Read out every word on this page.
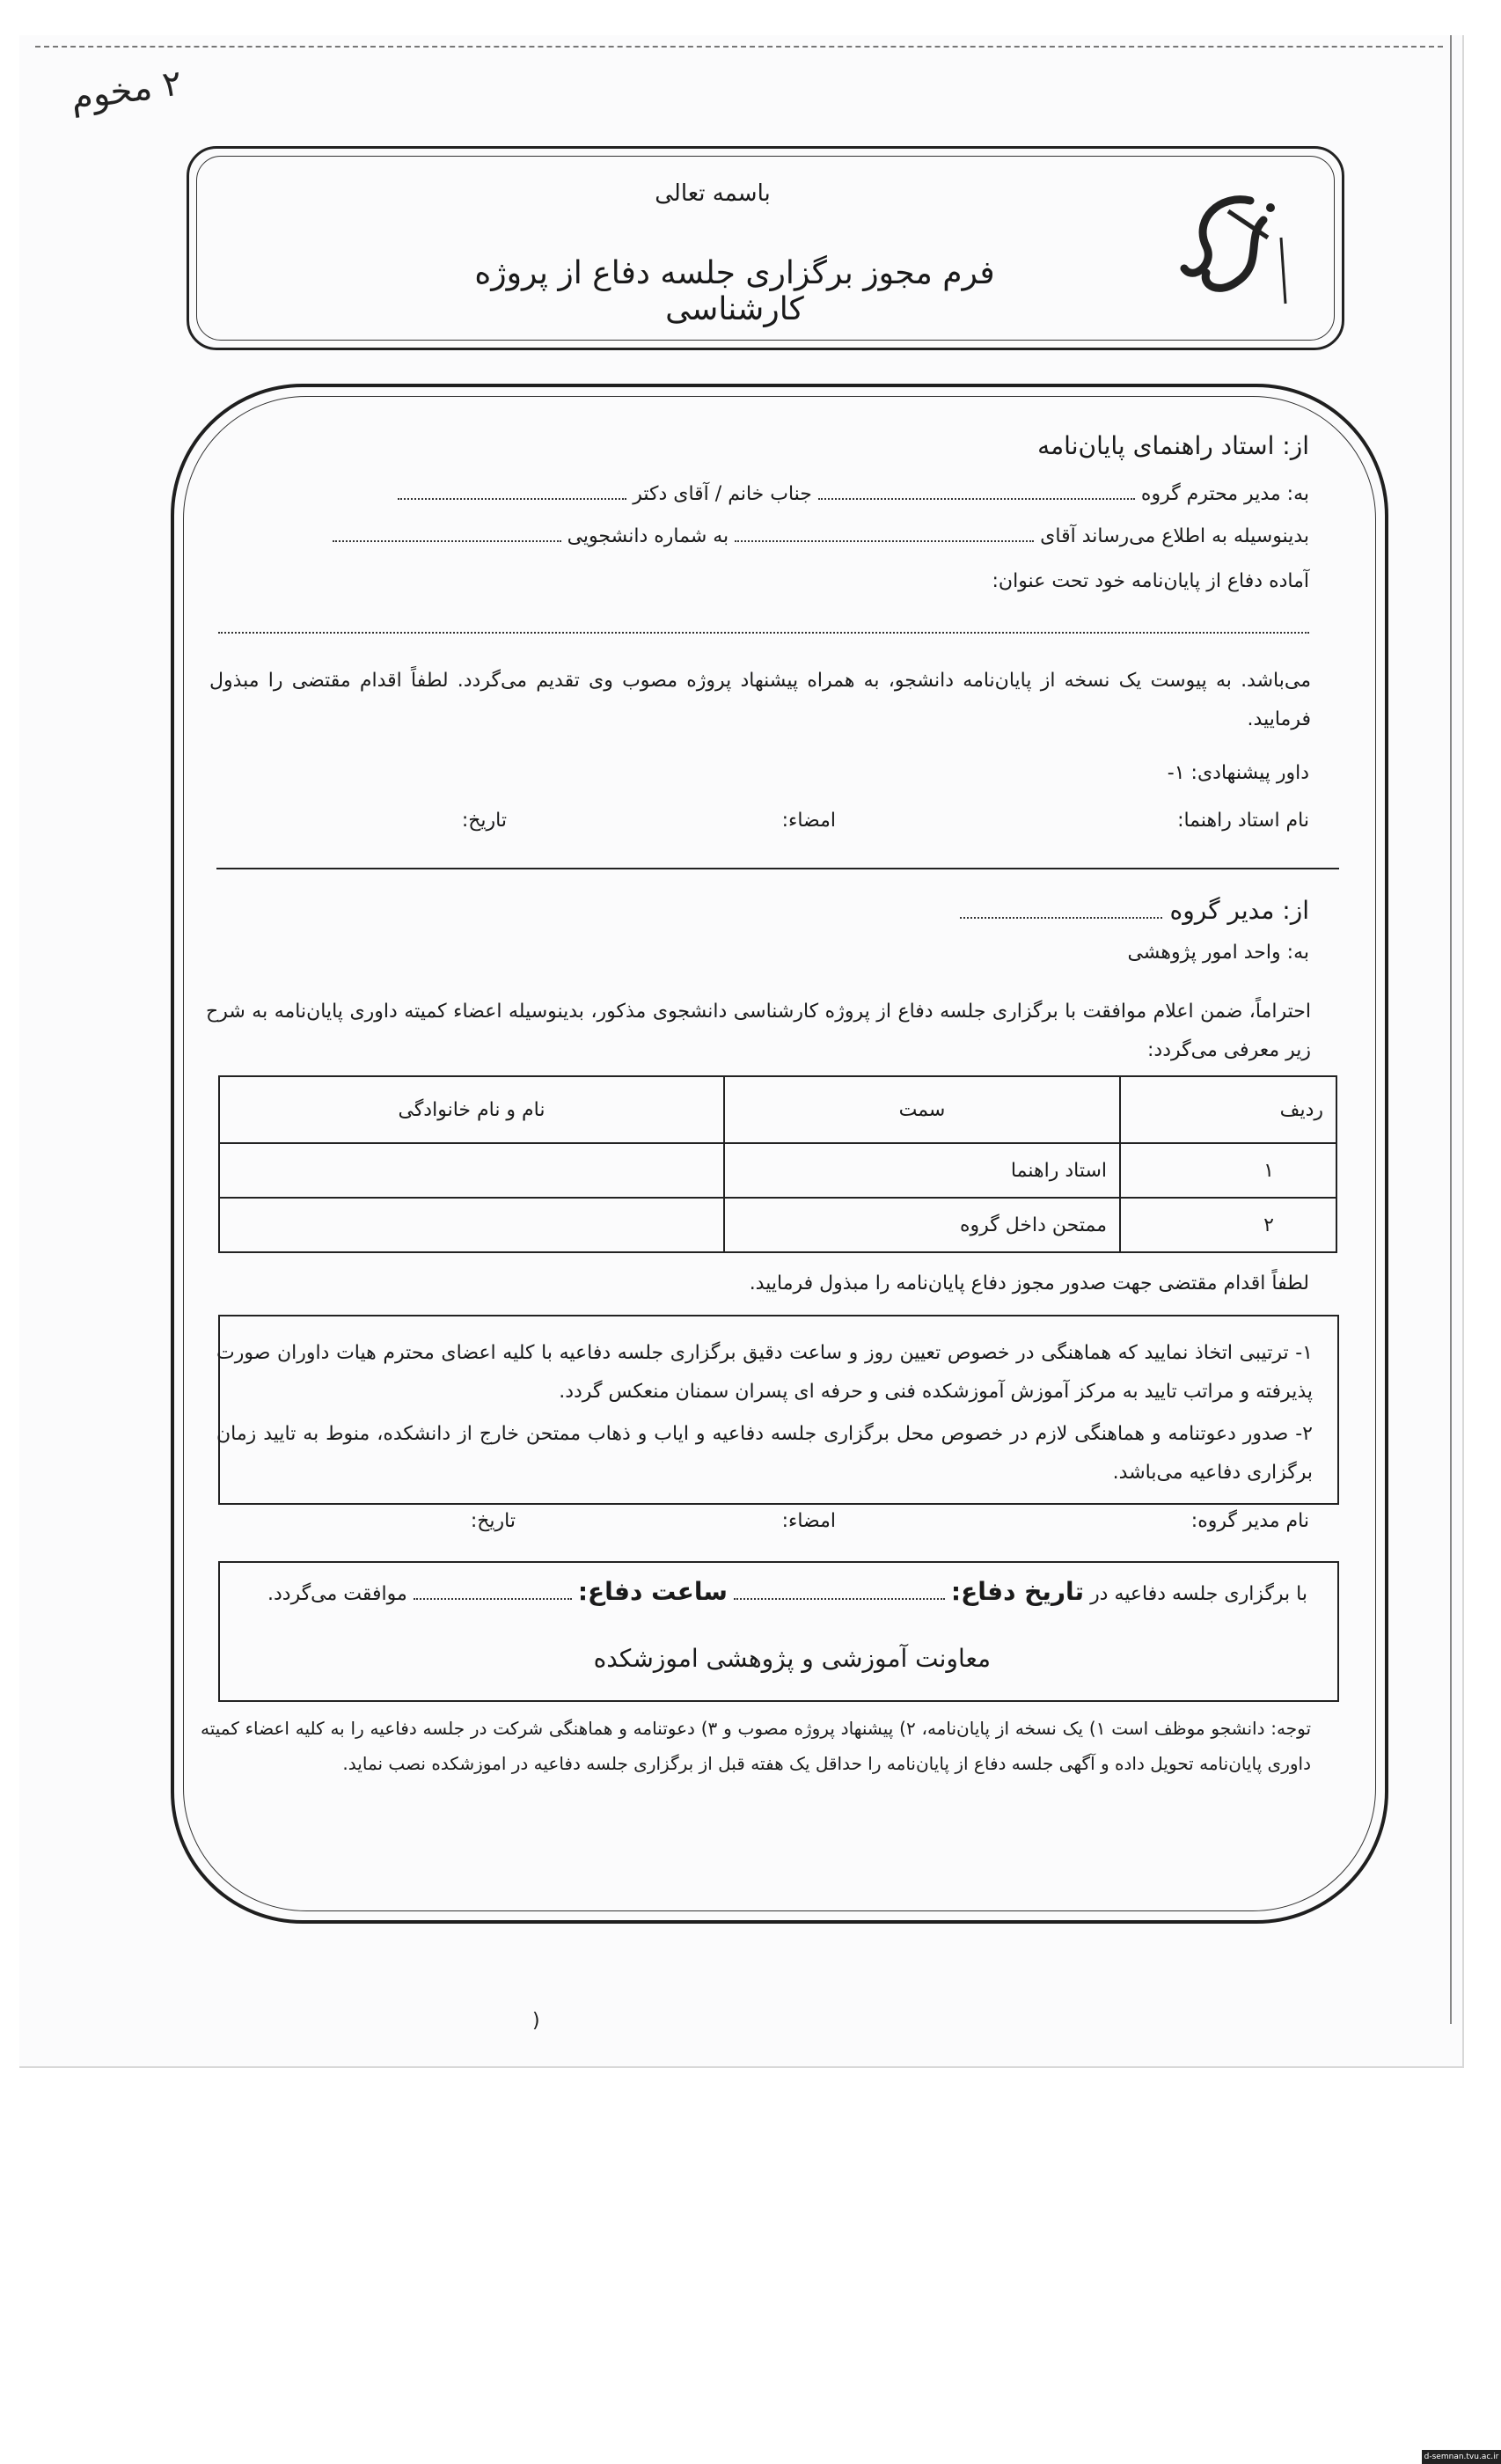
٢ مخوم
باسمه تعالی
فرم مجوز برگزاری جلسه دفاع از پروژه کارشناسی
از: استاد راهنمای پایان‌نامه
به: مدیر محترم گروه  جناب خانم / آقای دکتر
بدینوسیله به اطلاع می‌رساند آقای  به شماره دانشجویی
آماده دفاع از پایان‌نامه خود تحت عنوان:
می‌باشد. به پیوست یک نسخه از پایان‌نامه دانشجو، به همراه پیشنهاد پروژه مصوب وی تقدیم می‌گردد. لطفاً اقدام مقتضی را مبذول فرمایید.
داور پیشنهادی: ۱-
نام استاد راهنما:
امضاء:
تاریخ:
از: مدیر گروه
به: واحد امور پژوهشی
احتراماً، ضمن اعلام موافقت با برگزاری جلسه دفاع از پروژه کارشناسی دانشجوی مذکور، بدینوسیله اعضاء کمیته داوری پایان‌نامه به شرح زیر معرفی می‌گردد:
ردیف	سمت	نام و نام خانوادگی
۱	استاد راهنما	
۲	ممتحن داخل گروه	
لطفاً اقدام مقتضی جهت صدور مجوز دفاع پایان‌نامه را مبذول فرمایید.
۱- ترتیبی اتخاذ نمایید که هماهنگی در خصوص تعیین روز و ساعت دقیق برگزاری جلسه دفاعیه با کلیه اعضای محترم هیات داوران صورت پذیرفته و مراتب تایید به مرکز آموزش آموزشکده فنی و حرفه ای پسران سمنان منعکس گردد.
۲- صدور دعوتنامه و هماهنگی لازم در خصوص محل برگزاری جلسه دفاعیه و ایاب و ذهاب ممتحن خارج از دانشکده، منوط به تایید زمان برگزاری دفاعیه می‌باشد.
نام مدیر گروه:
امضاء:
تاریخ:
با برگزاری جلسه دفاعیه در تاریخ دفاع:  ساعت دفاع:  موافقت می‌گردد.
معاونت آموزشی و پژوهشی اموزشکده
توجه: دانشجو موظف است ۱) یک نسخه از پایان‌نامه، ۲) پیشنهاد پروژه مصوب و ۳) دعوتنامه و هماهنگی شرکت در جلسه دفاعیه را به کلیه اعضاء کمیته داوری پایان‌نامه تحویل داده و آگهی جلسه دفاع از پایان‌نامه را حداقل یک هفته قبل از برگزاری جلسه دفاعیه در اموزشکده نصب نماید.
)
d-semnan.tvu.ac.ir
